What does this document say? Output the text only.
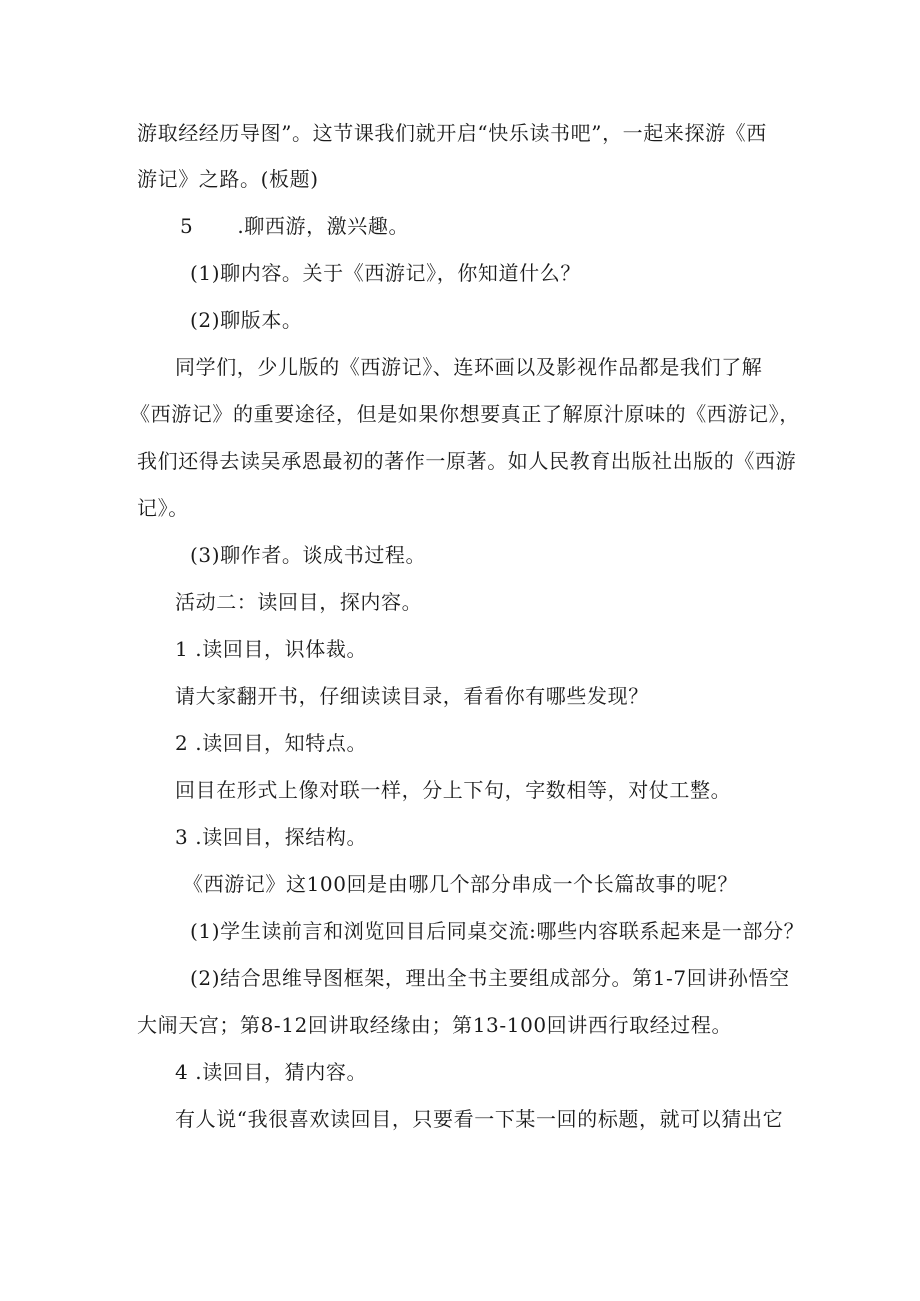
游取经经历导图”。这节课我们就开启“快乐读书吧”，一起来探游《西
游记》之路。(板题)
5 .聊西游，激兴趣。
(1)聊内容。关于《西游记》，你知道什么？
(2)聊版本。
同学们，少儿版的《西游记》、连环画以及影视作品都是我们了解
《西游记》的重要途径，但是如果你想要真正了解原汁原味的《西游记》，
我们还得去读吴承恩最初的著作一原著。如人民教育出版社出版的《西游
记》。
(3)聊作者。谈成书过程。
活动二：读回目，探内容。
1 .读回目，识体裁。
请大家翻开书，仔细读读目录，看看你有哪些发现？
2 .读回目，知特点。
回目在形式上像对联一样，分上下句，字数相等，对仗工整。
3 .读回目，探结构。
《西游记》这100回是由哪几个部分串成一个长篇故事的呢？
(1)学生读前言和浏览回目后同桌交流:哪些内容联系起来是一部分？
(2)结合思维导图框架，理出全书主要组成部分。第1-7回讲孙悟空
大闹天宫；第8-12回讲取经缘由；第13-100回讲西行取经过程。
4 .读回目，猜内容。
有人说“我很喜欢读回目，只要看一下某一回的标题，就可以猜出它
